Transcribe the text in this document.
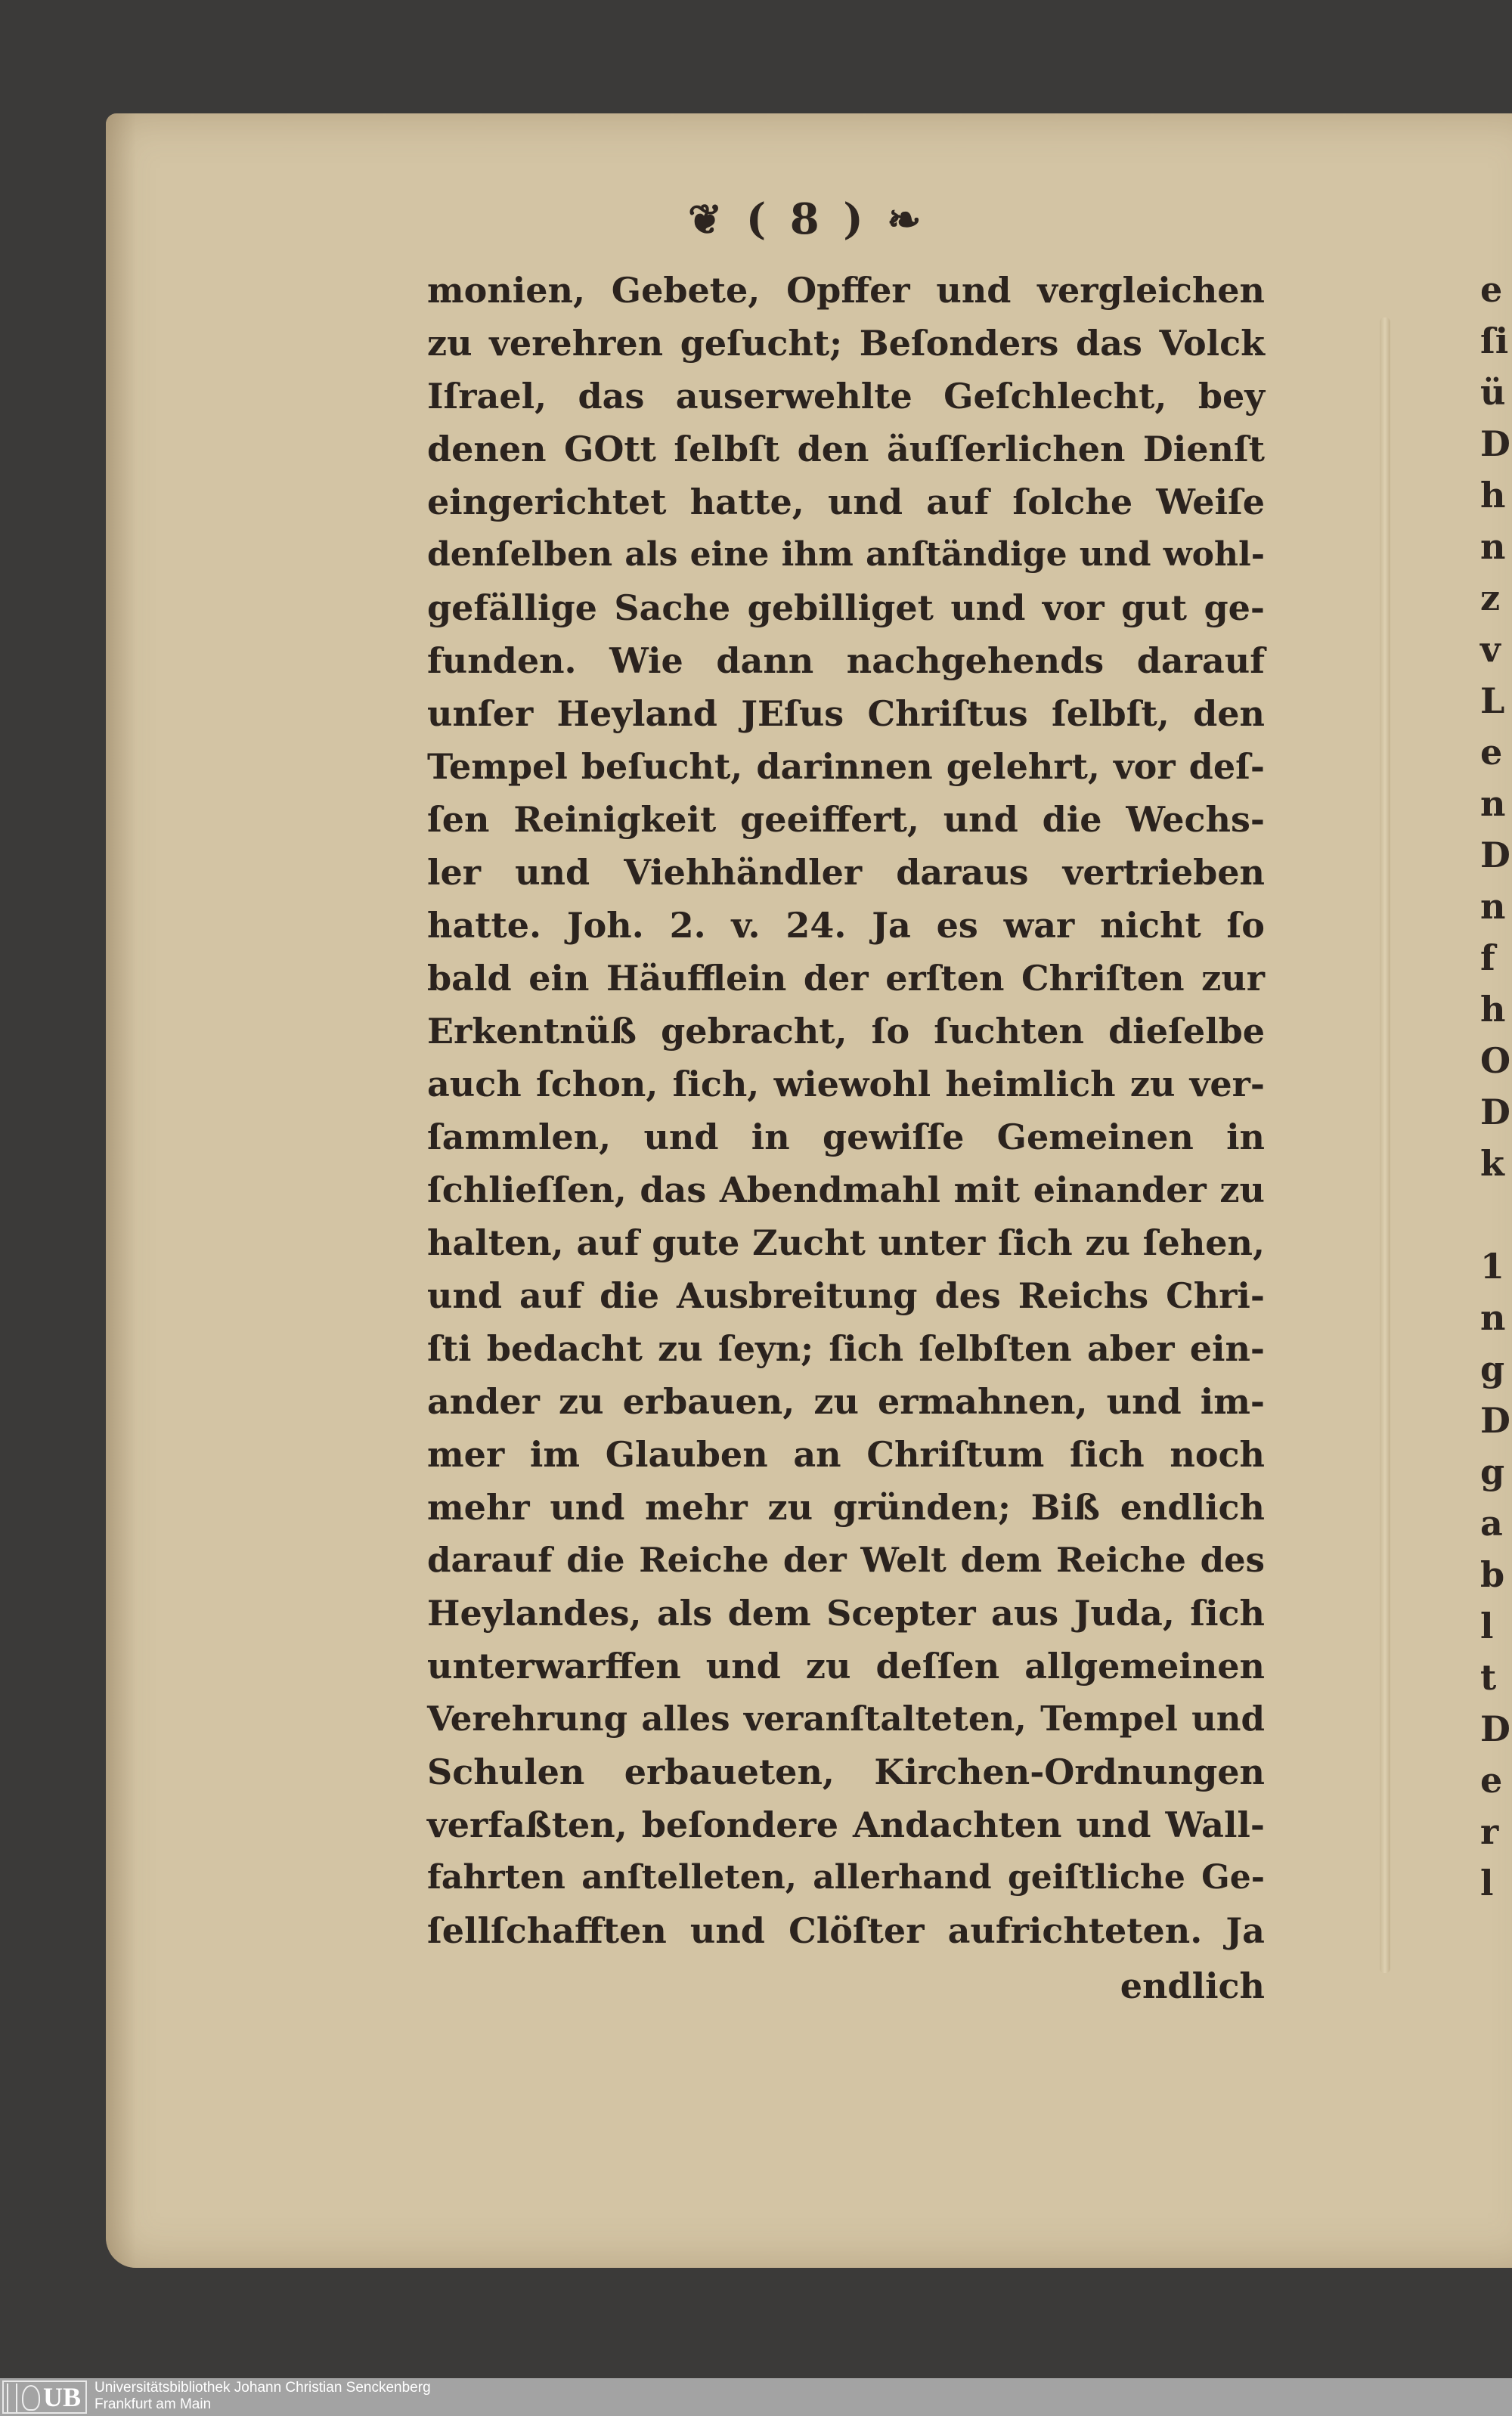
❦ ( 8 ) ❧
monien, Gebete, Opffer und vergleichen
zu verehren geſucht; Beſonders das Volck
Iſrael, das auserwehlte Geſchlecht, bey
denen GOtt ſelbſt den äuſſerlichen Dienſt
eingerichtet hatte, und auf ſolche Weiſe
denſelben als eine ihm anſtändige und wohl-
gefällige Sache gebilliget und vor gut ge-
funden. Wie dann nachgehends darauf
unſer Heyland JEſus Chriſtus ſelbſt, den
Tempel beſucht, darinnen gelehrt, vor deſ-
ſen Reinigkeit geeiffert, und die Wechs-
ler und Viehhändler daraus vertrieben
hatte. Joh. 2. v. 24. Ja es war nicht ſo
bald ein Häufflein der erſten Chriſten zur
Erkentnüß gebracht, ſo ſuchten dieſelbe
auch ſchon, ſich, wiewohl heimlich zu ver-
ſammlen, und in gewiſſe Gemeinen in
ſchlieſſen, das Abendmahl mit einander zu
halten, auf gute Zucht unter ſich zu ſehen,
und auf die Ausbreitung des Reichs Chri-
ſti bedacht zu ſeyn; ſich ſelbſten aber ein-
ander zu erbauen, zu ermahnen, und im-
mer im Glauben an Chriſtum ſich noch
mehr und mehr zu gründen; Biß endlich
darauf die Reiche der Welt dem Reiche des
Heylandes, als dem Scepter aus Juda, ſich
unterwarffen und zu deſſen allgemeinen
Verehrung alles veranſtalteten, Tempel und
Schulen erbaueten, Kirchen-Ordnungen
verfaßten, beſondere Andachten und Wall-
fahrten anſtelleten, allerhand geiſtliche Ge-
ſellſchafften und Clöſter aufrichteten. Ja
endlich
e
ſi
ü
D
h
n
z
v
L
e
n
D
n
f
h
O
D
k
1
n
g
D
g
a
b
l
t
D
e
r
l
UB Universitätsbibliothek Johann Christian Senckenberg
Frankfurt am Main
